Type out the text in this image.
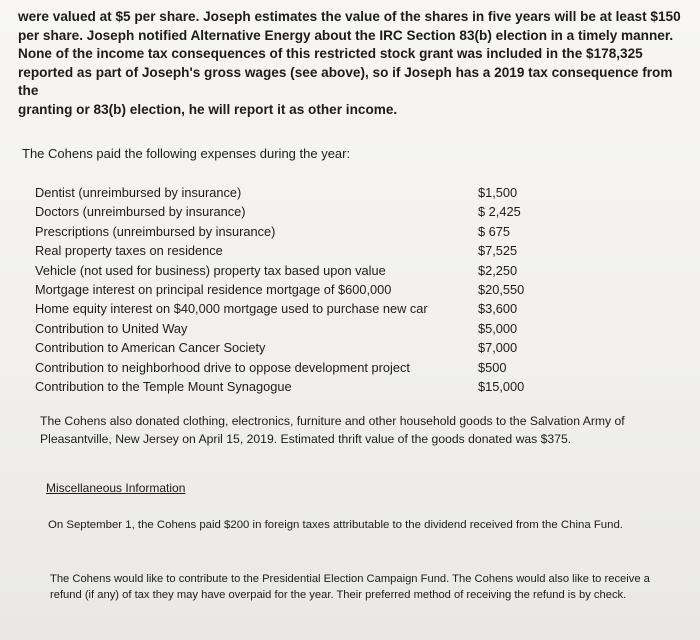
were valued at $5 per share. Joseph estimates the value of the shares in five years will be at least $150

per share. Joseph notified Alternative Energy about the IRC Section 83(b) election in a timely manner.

None of the income tax consequences of this restricted stock grant was included in the $178,325

reported as part of Joseph's gross wages (see above), so if Joseph has a 2019 tax consequence from the

granting or 83(b) election, he will report it as other income.

The Cohens paid the following expenses during the year:

Dentist (unreimbursed by insurance)	$1,500
Doctors (unreimbursed by insurance)	$ 2,425
Prescriptions (unreimbursed by insurance)	$ 675
Real property taxes on residence	$7,525
Vehicle (not used for business) property tax based upon value	$2,250
Mortgage interest on principal residence mortgage of $600,000	$20,550
Home equity interest on $40,000 mortgage used to purchase new car	$3,600
Contribution to United Way	$5,000
Contribution to American Cancer Society	$7,000
Contribution to neighborhood drive to oppose development project	$500
Contribution to the Temple Mount Synagogue	$15,000

The Cohens also donated clothing, electronics, furniture and other household goods to the Salvation Army of Pleasantville, New Jersey on April 15, 2019. Estimated thrift value of the goods donated was $375.

Miscellaneous Information

On September 1, the Cohens paid $200 in foreign taxes attributable to the dividend received from the China Fund.

The Cohens would like to contribute to the Presidential Election Campaign Fund. The Cohens would also like to receive a refund (if any) of tax they may have overpaid for the year. Their preferred method of receiving the refund is by check.
